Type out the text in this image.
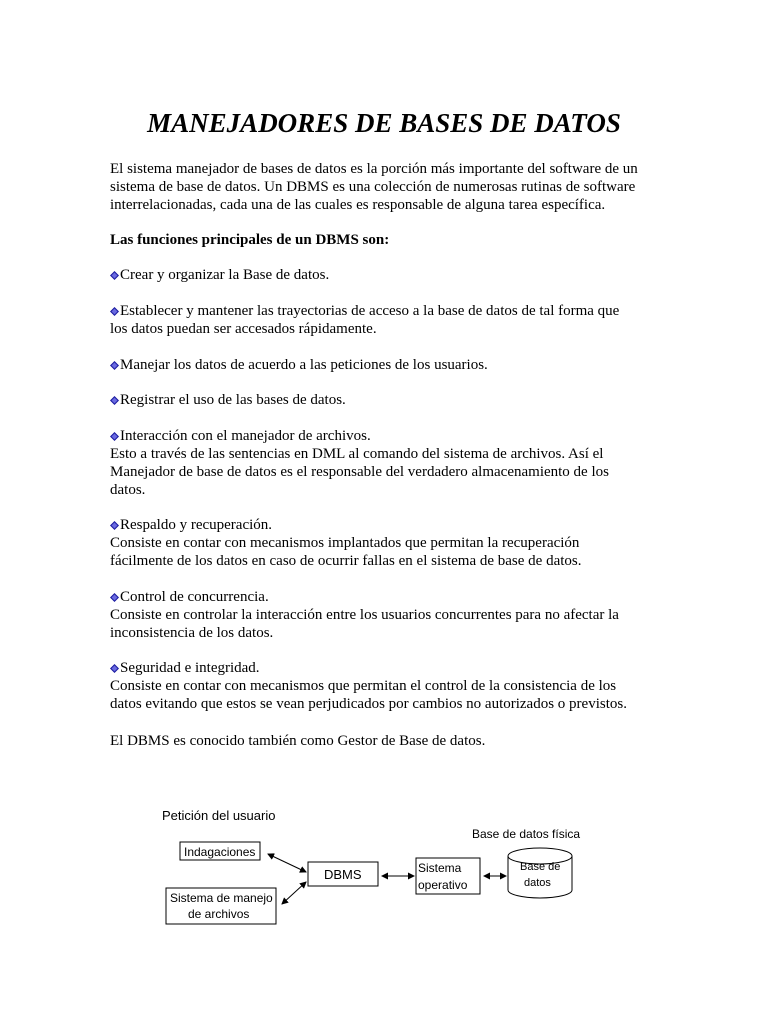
MANEJADORES DE BASES DE DATOS

El sistema manejador de bases de datos es la porción más importante del software de un
sistema de base de datos. Un DBMS es una colección de numerosas rutinas de software
interrelacionadas, cada una de las cuales es responsable de alguna tarea específica.

Las funciones principales de un DBMS son:

Crear y organizar la Base de datos.

Establecer y mantener las trayectorias de acceso a la base de datos de tal forma que
los datos puedan ser accesados rápidamente.

Manejar los datos de acuerdo a las peticiones de los usuarios.

Registrar el uso de las bases de datos.

Interacción con el manejador de archivos.
Esto a través de las sentencias en DML al comando del sistema de archivos. Así el
Manejador de base de datos es el responsable del verdadero almacenamiento de los
datos.

Respaldo y recuperación.
Consiste en contar con mecanismos implantados que permitan la recuperación
fácilmente de los datos en caso de ocurrir fallas en el sistema de base de datos.

Control de concurrencia.
Consiste en controlar la interacción entre los usuarios concurrentes para no afectar la
inconsistencia de los datos.

Seguridad e integridad.
Consiste en contar con mecanismos que permitan el control de la consistencia de los
datos evitando que estos se vean perjudicados por cambios no autorizados o previstos.

El DBMS es conocido también como Gestor de Base de datos.

Petición del usuario
Base de datos física
Indagaciones
Sistema de manejo
de archivos
DBMS	Sistema
operativo
Base de
datos
